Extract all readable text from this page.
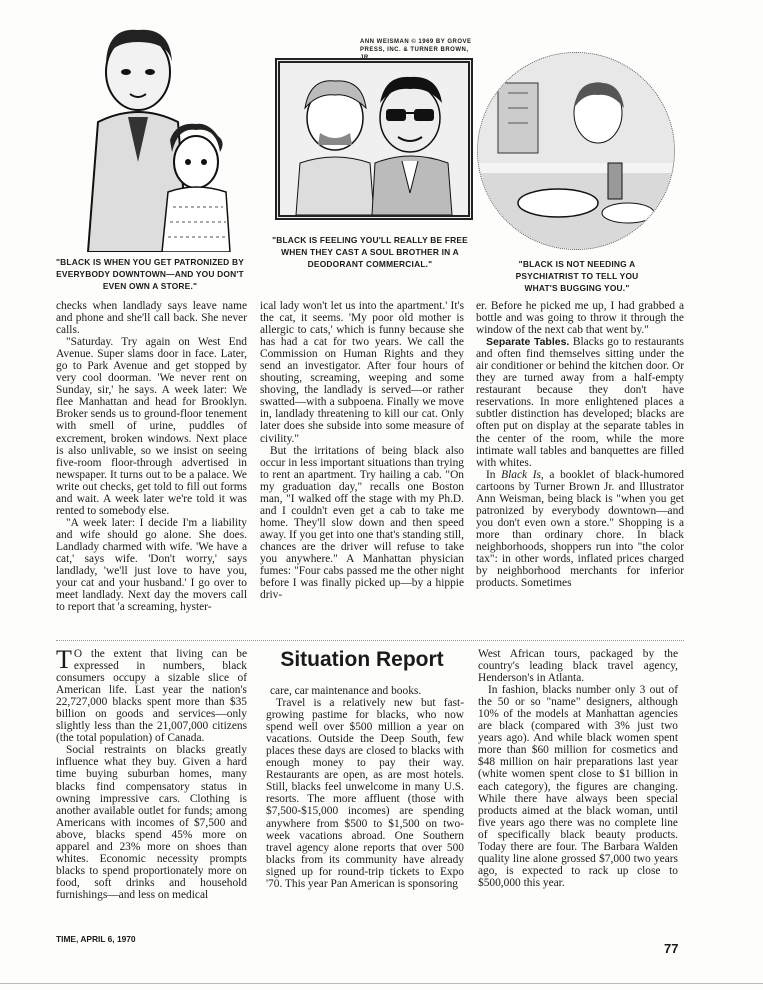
"BLACK IS WHEN YOU GET PATRONIZED BY EVERYBODY DOWNTOWN—AND YOU DON'T EVEN OWN A STORE."
ANN WEISMAN © 1969 BY GROVE
PRESS, INC. & TURNER BROWN,
"BLACK IS FEELING YOU'LL REALLY BE FREE WHEN THEY CAST A SOUL BROTHER IN A DEODORANT COMMERCIAL."	"BLACK IS NOT NEEDING A PSYCHIATRIST TO TELL YOU WHAT'S BUGGING YOU."

checks when landlady says leave name and phone and she'll call back. She never calls.

"Saturday. Try again on West End Avenue. Super slams door in face. Later, go to Park Avenue and get stopped by very cool doorman. 'We never rent on Sunday, sir,' he says. A week later: We flee Manhattan and head for Brooklyn. Broker sends us to ground-floor tenement with smell of urine, puddles of excrement, broken windows. Next place is also unlivable, so we insist on seeing five-room floor-through advertised in newspaper. It turns out to be a palace. We write out checks, get told to fill out forms and wait. A week later we're told it was rented to somebody else.

"A week later: I decide I'm a liability and wife should go alone. She does. Landlady charmed with wife. 'We have a cat,' says wife. 'Don't worry,' says landlady, 'we'll just love to have you, your cat and your husband.' I go over to meet landlady. Next day the movers call to report that 'a screaming, hyster-

ical lady won't let us into the apartment.' It's the cat, it seems. 'My poor old mother is allergic to cats,' which is funny because she has had a cat for two years. We call the Commission on Human Rights and they send an investigator. After four hours of shouting, screaming, weeping and some shoving, the landlady is served—or rather swatted—with a subpoena. Finally we move in, landlady threatening to kill our cat. Only later does she subside into some measure of civility."

But the irritations of being black also occur in less important situations than trying to rent an apartment. Try hailing a cab. "On my graduation day," recalls one Boston man, "I walked off the stage with my Ph.D. and I couldn't even get a cab to take me home. They'll slow down and then speed away. If you get into one that's standing still, chances are the driver will refuse to take you anywhere." A Manhattan physician fumes: "Four cabs passed me the other night before I was finally picked up—by a hippie driv-

er. Before he picked me up, I had grabbed a bottle and was going to throw it through the window of the next cab that went by."

Separate Tables. Blacks go to restaurants and often find themselves sitting under the air conditioner or behind the kitchen door. Or they are turned away from a half-empty restaurant because they don't have reservations. In more enlightened places a subtler distinction has developed; blacks are often put on display at the separate tables in the center of the room, while the more intimate wall tables and banquettes are filled with whites.

In Black Is, a booklet of black-humored cartoons by Turner Brown Jr. and Illustrator Ann Weisman, being black is "when you get patronized by everybody downtown—and you don't even own a store." Shopping is a more than ordinary chore. In black neighborhoods, shoppers run into "the color tax": in other words, inflated prices charged by neighborhood merchants for inferior products. Sometimes

T O the extent that living can be expressed in numbers, black consumers occupy a sizable slice of American life. Last year the nation's 22,727,000 blacks spent more than $35 billion on goods and services—only slightly less than the 21,007,000 citizens (the total population) of Canada.

Social restraints on blacks greatly influence what they buy. Given a hard time buying suburban homes, many blacks find compensatory status in owning impressive cars. Clothing is another available outlet for funds; among Americans with incomes of $7,500 and above, blacks spend 45% more on apparel and 23% more on shoes than whites. Economic necessity prompts blacks to spend proportionately more on food, soft drinks and household furnishings—and less on medical

Situation Report

care, car maintenance and books.

Travel is a relatively new but fast-growing pastime for blacks, who now spend well over $500 million a year on vacations. Outside the Deep South, few places these days are closed to blacks with enough money to pay their way. Restaurants are open, as are most hotels. Still, blacks feel unwelcome in many U.S. resorts. The more affluent (those with $7,500-$15,000 incomes) are spending anywhere from $500 to $1,500 on two-week vacations abroad. One Southern travel agency alone reports that over 500 blacks from its community have already signed up for round-trip tickets to Expo '70. This year Pan American is sponsoring

West African tours, packaged by the country's leading black travel agency, Henderson's in Atlanta.

In fashion, blacks number only 3 out of the 50 or so "name" designers, although 10% of the models at Manhattan agencies are black (compared with 3% just two years ago). And while black women spent more than $60 million for cosmetics and $48 million on hair preparations last year (white women spent close to $1 billion in each category), the figures are changing. While there have always been special products aimed at the black woman, until five years ago there was no complete line of specifically black beauty products. Today there are four. The Barbara Walden quality line alone grossed $7,000 two years ago, is expected to rack up close to $500,000 this year.

TIME, APRIL 6, 1970
77
